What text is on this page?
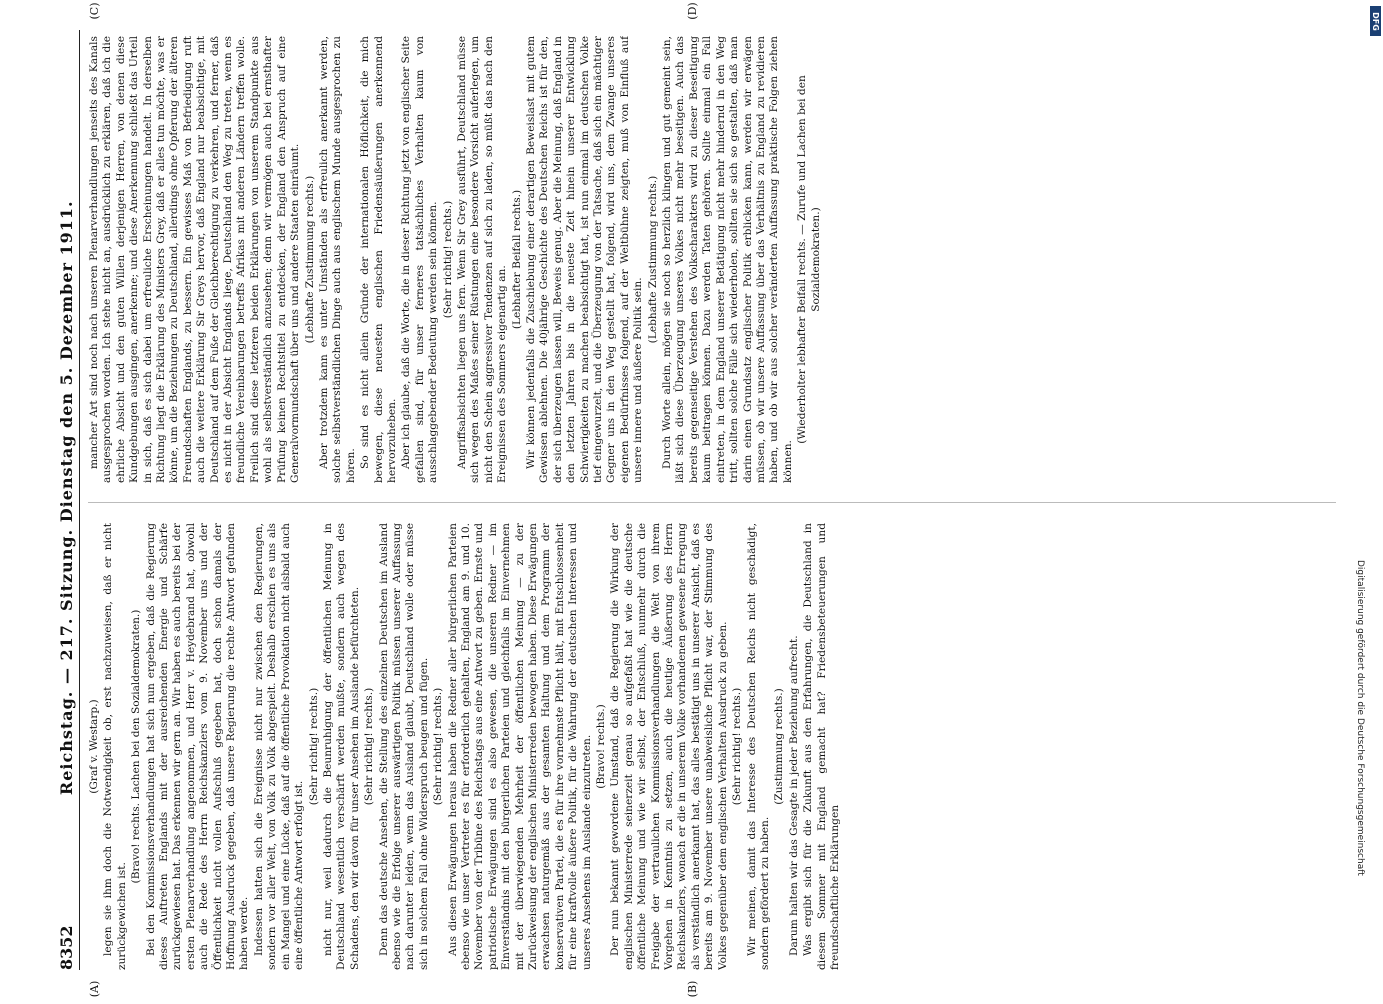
8352
Reichstag. — 217. Sitzung. Dienstag den 5. Dezember 1911. (Graf v. Westarp.) legen sie ihm doch die Notwendigkeit ob, erst nachzuweisen, daß er nicht zurückgewichen ist.

(Bravo! rechts. Lachen bei den Sozialdemokraten.) Bei den Kommissionsverhandlungen hat sich nun ergeben, daß die Regierung dieses Auftreten Englands mit der ausreichenden Energie und Schärfe zurückgewiesen hat. Das erkennen wir gern an. Wir haben es auch bereits bei der ersten Plenarverhandlung angenommen, und Herr v. Heydebrand hat, obwohl auch die Rede des Herrn Reichskanzlers vom 9. November uns und der Öffentlichkeit nicht vollen Aufschluß gegeben hat, doch schon damals der Hoffnung Ausdruck gegeben, daß unsere Regierung die rechte Antwort gefunden haben werde. Indessen hatten sich die Ereignisse nicht nur zwischen den Regierungen, sondern vor aller Welt, von Volk zu Volk abgespielt. Deshalb erschien es uns als ein Mangel und eine Lücke, daß auf die öffentliche Provokation nicht alsbald auch eine öffentliche Antwort erfolgt ist.

(Sehr richtig! rechts.) nicht nur, weil dadurch die Beunruhigung der öffentlichen Meinung in Deutschland wesentlich verschärft werden mußte, sondern auch wegen des Schadens, den wir davon für unser Ansehen im Auslande befürchteten. (Sehr richtig! rechts.) Denn das deutsche Ansehen, die Stellung des einzelnen Deutschen im Ausland ebenso wie die Erfolge unserer auswärtigen Politik müssen unserer Auffassung nach darunter leiden, wenn das Ausland glaubt, Deutschland wolle oder müsse sich in solchem Fall ohne Widerspruch beugen und fügen. (Sehr richtig! rechts.) Aus diesen Erwägungen heraus haben die Redner aller bürgerlichen Parteien ebenso wie unser Vertreter es für erforderlich gehalten, England am 9. und 10. November von der Tribüne des Reichstags aus eine Antwort zu geben. Ernste und patriotische Erwägungen sind es also gewesen, die unseren Redner — im Einverständnis mit den bürgerlichen Parteien und gleichfalls im Einvernehmen mit der überwiegenden Mehrheit der öffentlichen Meinung — zu der Zurückweisung der englischen Ministerreden bewogen haben. Diese Erwägungen erwachsen naturgemäß aus der gesamten Haltung und dem Programm der konservativen Partei, die es für ihre vornehmste Pflicht hält, mit Entschlossenheit für eine kraftvolle äußere Politik, für die Wahrung der deutschen Interessen und unseres Ansehens im Auslande einzutreten. (Bravo! rechts.) Der nun bekannt gewordene Umstand, daß die Regierung die Wirkung der englischen Ministerrede seinerzeit genau so aufgefaßt hat wie die deutsche öffentliche Meinung und wie wir selbst, der Entschluß, nunmehr durch die Freigabe der vertraulichen Kommissionsverhandlungen die Welt von ihrem Vorgehen in Kenntnis zu setzen, auch die heutige Äußerung des Herrn Reichskanzlers, wonach er die in unserem Volke vorhandenen gewesene Erregung als verständlich anerkannt hat, das alles bestätigt uns in unserer Ansicht, daß es bereits am 9. November unsere unabweisliche Pflicht war, der Stimmung des Volkes gegenüber dem englischen Verhalten Ausdruck zu geben. (Sehr richtig! rechts.) Wir meinen, damit das Interesse des Deutschen Reichs nicht geschädigt, sondern gefördert zu haben.

(Zustimmung rechts.) Darum halten wir das Gesagte in jeder Beziehung aufrecht. Was ergibt sich für die Zukunft aus den Erfahrungen, die Deutschland in diesem Sommer mit England gemacht hat? Friedensbeteuerungen und freundschaftliche Erklärungen

mancher Art sind noch nach unseren Plenarverhandlungen jenseits des Kanals ausgesprochen worden. Ich stehe nicht an, ausdrücklich zu erklären, daß ich die ehrliche Absicht und den guten Willen derjenigen Herren, von denen diese Kundgebungen ausgingen, anerkenne; und diese Anerkennung schließt das Urteil in sich, daß es sich dabei um erfreuliche Erscheinungen handelt. In derselben Richtung liegt die Erklärung des Ministers Grey, daß er alles tun möchte, was er könne, um die Beziehungen zu Deutschland, allerdings ohne Opferung der älteren Freundschaften Englands, zu bessern. Ein gewisses Maß von Befriedigung ruft auch die weitere Erklärung Sir Greys hervor, daß England nur beabsichtige, mit Deutschland auf dem Fuße der Gleichberechtigung zu verkehren, und ferner, daß es nicht in der Absicht Englands liege, Deutschland den Weg zu treten, wenn es freundliche Vereinbarungen betreffs Afrikas mit anderen Ländern treffen wolle. Freilich sind diese letzteren beiden Erklärungen von unserem Standpunkte aus wohl als selbstverständlich anzusehen; denn wir vermögen auch bei ernsthafter Prüfung keinen Rechtstitel zu entdecken, der England den Anspruch auf eine Generalvormundschaft über uns und andere Staaten einräumt. (Lebhafte Zustimmung rechts.) Aber trotzdem kann es unter Umständen als erfreulich anerkannt werden, solche selbstverständlichen Dinge auch aus englischem Munde ausgesprochen zu hören. So sind es nicht allein Gründe der internationalen Höflichkeit, die mich bewegen, diese neuesten englischen Friedensäußerungen anerkennend hervorzuheben. Aber ich glaube, daß die Worte, die in dieser Richtung jetzt von englischer Seite gefallen sind, für unser ferneres tatsächliches Verhalten kaum von ausschlaggebender Bedeutung werden sein können. (Sehr richtig! rechts.) Angriffsabsichten liegen uns fern. Wenn Sir Grey ausführt, Deutschland müsse sich wegen des Maßes seiner Rüstungen eine besondere Vorsicht auferlegen, um nicht den Schein aggressiver Tendenzen auf sich zu laden, so müßt das nach den Ereignissen des Sommers eigenartig an.

(Lebhafter Beifall rechts.) Wir können jedenfalls die Zuschiebung einer derartigen Beweislast mit gutem Gewissen ablehnen. Die 40jährige Geschichte des Deutschen Reichs ist für den, der sich überzeugen lassen will, Beweis genug. Aber die Meinung, daß England in den letzten Jahren bis in die neueste Zeit hinein unserer Entwicklung Schwierigkeiten zu machen beabsichtigt hat, ist nun einmal im deutschen Volke tief eingewurzelt, und die Überzeugung von der Tatsache, daß sich ein mächtiger Gegner uns in den Weg gestellt hat, folgend, wird uns, dem Zwange unseres eigenen Bedürfnisses folgend, auf der Weltbühne zeigten, muß von Einfluß auf unsere innere und äußere Politik sein.

(Lebhafte Zustimmung rechts.) Durch Worte allein, mögen sie noch so herzlich klingen und gut gemeint sein, läßt sich diese Überzeugung unseres Volkes nicht mehr beseitigen. Auch das bereits gegenseitige Verstehen des Volkscharakters wird zu dieser Beseitigung kaum beitragen können. Dazu werden Taten gehören. Sollte einmal ein Fall eintreten, in dem England unserer Betätigung nicht mehr hindernd in den Weg tritt, sollten solche Fälle sich wiederholen, sollten sie sich so gestalten, daß man darin einen Grundsatz englischer Politik erblicken kann, werden wir erwägen müssen, ob wir unsere Auffassung über das Verhältnis zu England zu revidieren haben, und ob wir aus solcher veränderten Auffassung praktische Folgen ziehen können.

(Wiederholter lebhafter Beifall rechts. — Zurufe und Lachen bei den Sozialdemokraten.)

(A)	(B)
(C)	(D)
DFG
Digitalisierung gefördert durch die Deutsche Forschungsgemeinschaft
